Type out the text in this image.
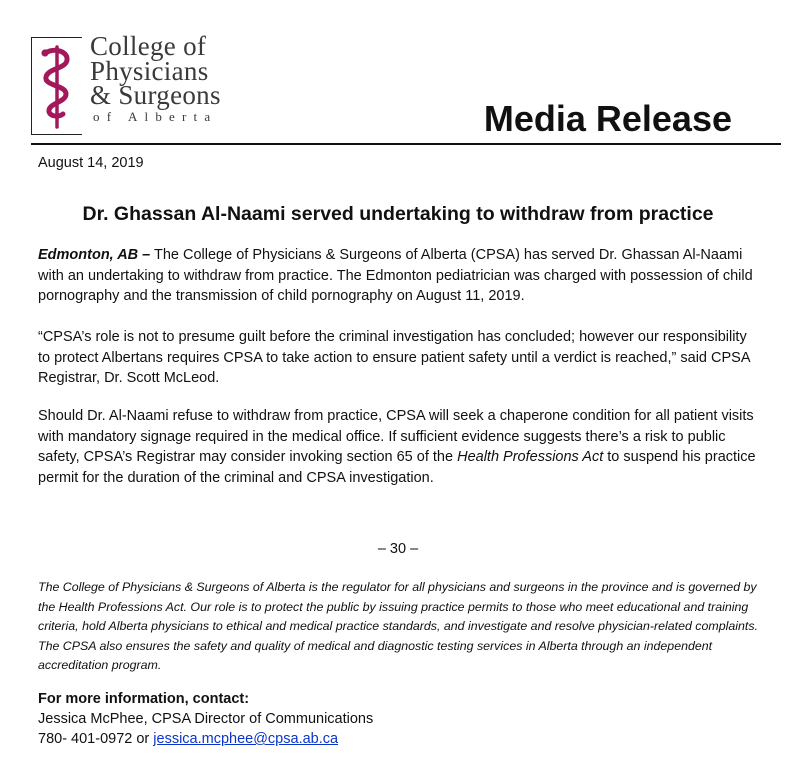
College of
Physicians
& Surgeons
of Alberta	Media Release
August 14, 2019
Dr. Ghassan Al-Naami served undertaking to withdraw from practice
Edmonton, AB – The College of Physicians & Surgeons of Alberta (CPSA) has served Dr. Ghassan Al-Naami with an undertaking to withdraw from practice. The Edmonton pediatrician was charged with possession of child pornography and the transmission of child pornography on August 11, 2019.
“CPSA’s role is not to presume guilt before the criminal investigation has concluded; however our responsibility to protect Albertans requires CPSA to take action to ensure patient safety until a verdict is reached,” said CPSA Registrar, Dr. Scott McLeod.
Should Dr. Al-Naami refuse to withdraw from practice, CPSA will seek a chaperone condition for all patient visits with mandatory signage required in the medical office. If sufficient evidence suggests there’s a risk to public safety, CPSA’s Registrar may consider invoking section 65 of the Health Professions Act to suspend his practice permit for the duration of the criminal and CPSA investigation.
– 30 –
The College of Physicians & Surgeons of Alberta is the regulator for all physicians and surgeons in the province and is governed by the Health Professions Act. Our role is to protect the public by issuing practice permits to those who meet educational and training criteria, hold Alberta physicians to ethical and medical practice standards, and investigate and resolve physician-related complaints. The CPSA also ensures the safety and quality of medical and diagnostic testing services in Alberta through an independent accreditation program.
For more information, contact:
Jessica McPhee, CPSA Director of Communications
780- 401-0972 or jessica.mcphee@cpsa.ab.ca
